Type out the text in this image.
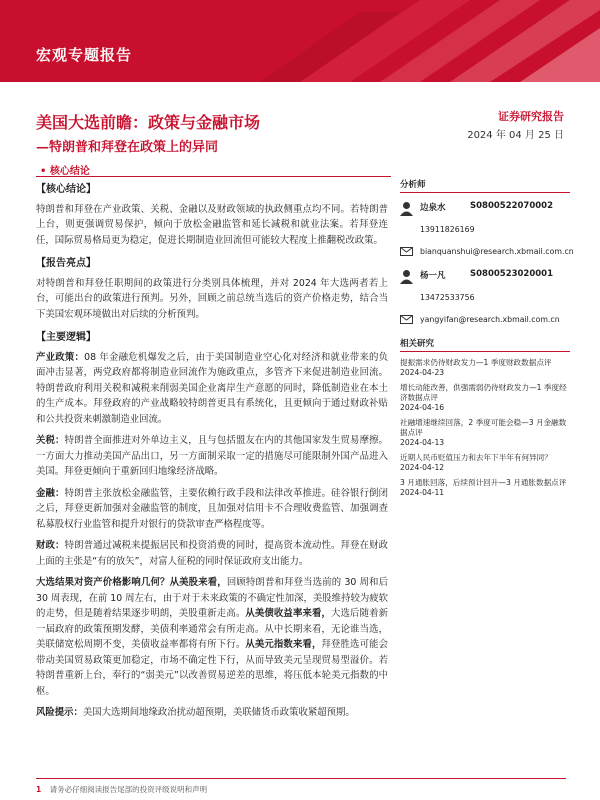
宏观专题报告
美国大选前瞻：政策与金融市场
—特朗普和拜登在政策上的异同
证券研究报告
2024 年 04 月 25 日
• 核心结论
【核心结论】

特朗普和拜登在产业政策、关税、金融以及财政领域的执政侧重点均不同。若特朗普上台，则更强调贸易保护，倾向于放松金融监管和延长减税和就业法案。若拜登连任，国际贸易格局更为稳定，促进长期制造业回流但可能较大程度上推翻税改政策。

【报告亮点】

对特朗普和拜登任职期间的政策进行分类别具体梳理，并对 2024 年大选两者若上台，可能出台的政策进行预判。另外，回顾之前总统当选后的资产价格走势，结合当下美国宏观环境做出对后续的分析预判。

【主要逻辑】

产业政策：08 年金融危机爆发之后，由于美国制造业空心化对经济和就业带来的负面冲击显著，两党政府都将制造业回流作为施政重点，多管齐下来促进制造业回流。特朗普政府利用关税和减税来削弱美国企业离岸生产意愿的同时，降低制造业在本土的生产成本。拜登政府的产业战略较特朗普更具有系统化，且更倾向于通过财政补贴和公共投资来刺激制造业回流。

关税：特朗普全面推进对外单边主义，且与包括盟友在内的其他国家发生贸易摩擦。一方面大力推动美国产品出口，另一方面制采取一定的措施尽可能限制外国产品进入美国。拜登更倾向于重新回归地缘经济战略。

金融：特朗普主张放松金融监管，主要依赖行政手段和法律改革推进。硅谷银行倒闭之后，拜登更新加强对金融监管的制度，且加强对信用卡不合理收费监管、加强调查私募股权行业监管和提升对银行的贷款审查严格程度等。

财政：特朗普通过减税来提振居民和投资消费的同时，提高资本流动性。拜登在财政上面的主张是“有的放矢”，对富人征税的同时保证政府支出能力。

大选结果对资产价格影响几何？从美股来看，回顾特朗普和拜登当选前的 30 周和后 30 周表现，在前 10 周左右，由于对于未来政策的不确定性加深，美股维持较为疲软的走势，但是随着结果逐步明朗，美股重新走高。从美债收益率来看，大选后随着新一届政府的政策预期发酵，美债利率通常会有所走高。从中长期来看，无论谁当选，美联储宽松周期不变，美债收益率都将有所下行。从美元指数来看，拜登胜选可能会带动美国贸易政策更加稳定，市场不确定性下行，从而导致美元呈现贸易型溢价。若特朗普重新上台，奉行的“弱美元”以改善贸易逆差的思维，将压低本轮美元指数的中枢。

风险提示：美国大选期间地缘政治扰动超预期，美联储货币政策收紧超预期。

分析师
边泉水	S0800522070002
13911826169
bianquanshui@research.xbmail.com.cn
杨一凡	S0800523020001
13472533756
yangyifan@research.xbmail.com.cn
相关研究
提振需求仍待财政发力—1 季度财政数据点评
2024-04-23
增长动能改善，供强需弱仍待财政发力—1 季度经济数据点评
2024-04-16
社融增速继续回落，2 季度可能会稳—3 月金融数据点评
2024-04-13
近期人民币贬值压力和去年下半年有何异同？
2024-04-12
3 月通胀回落，后续预计回升—3 月通胀数据点评
2024-04-11
1 请务必仔细阅读报告尾部的投资评级说明和声明
